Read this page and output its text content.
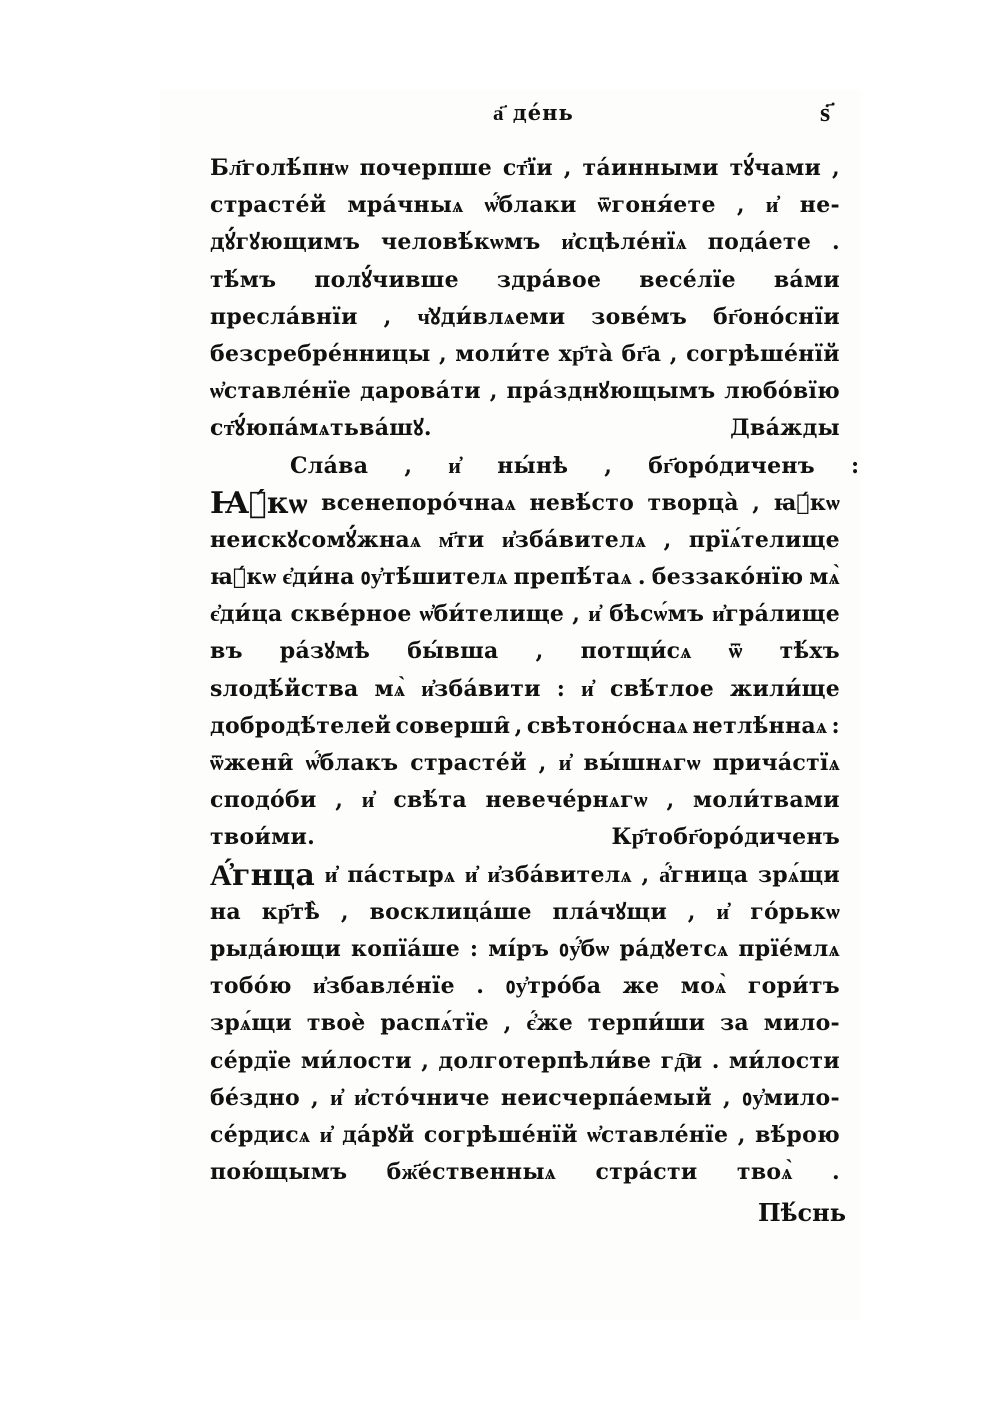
а҃ де́нь	ѕ҃
Бл҃голѣ́пнѡ почерпше ст҃їи , та́инными тꙋ́чами ,
страсте́й мра́чныѧ ѡ҆́блаки ѿгоня́ете , и҆ не-
дꙋ́гꙋющимъ человѣ́кѡмъ и҆сцѣле́нїѧ пода́ете .
тѣ́мъ полꙋ́чивше здра́вое весе́лїе ва́ми
пресла́внїи , ч҆ꙋди́влѧеми зове́мъ бг҃оно́снїи
безсребре́нницы , моли́те хр҃та̀ бг҃а , согрѣше́нїй
ѡ҆ставле́нїе дарова́ти , пра́зднꙋющымъ любо́вїю
ст҃ꙋ́ю па́мѧть ва́шꙋ .	Два́жды
Сла́ва , и҆ ны́нѣ , бг҃оро́диченъ :
Ꙗ҆́кѡ всенепоро́чнаѧ невѣ́сто творца̀ , ꙗ҆́кѡ
неискꙋсомꙋ́жнаѧ м҃ти и҆зба́вителѧ , прїѧ́телище
ꙗ҆́кѡ є҆ди́на ᲂу҆тѣ́шителѧ препѣ́таѧ . беззако́нїю мѧ̀
є҆ди́ца скве́рное ѡ҆би́телище , и҆ бѣсѡ́мъ и҆гра́лище
въ ра́зꙋмѣ бы́вша , потщи́сѧ ѿ тѣ́хъ
ѕлодѣ́йства мѧ̀ и҆зба́вити : и҆ свѣ́тлое жили́ще
добродѣ́телей соверши̑ , свѣтоно́снаѧ нетлѣ́ннаѧ :
ѿжени̑ ѡ҆́блакъ страсте́й , и҆ вы́шнѧгѡ прича́стїѧ
сподо́би , и҆ свѣ́та невече́рнѧгѡ , моли́твами
твои́ми .	Кр҃тобг҃оро́диченъ
А҆́гнца и҆ па́стырѧ и҆ и҆зба́вителѧ , а҆́гница зрѧ́щи
на кр҃тѣ̀ , восклица́ше пла́чꙋщи , и҆ го́рькѡ
рыда́ющи копїа́ше : мі́ръ ᲂу҆́бѡ ра́дꙋетсѧ прїе́млѧ
тобо́ю и҆збавле́нїе . ᲂу҆тро́ба же моѧ̀ гори́тъ
зрѧ́щи твоѐ распѧ́тїе , є҆́же терпи́ши за мило-
се́рдїе ми́лости , долготерпѣли́ве гд҇и . ми́лости
бе́здно , и҆ и҆сто́чниче неисчерпа́емый , ᲂу҆мило-
се́рдисѧ и҆ да́рꙋй согрѣше́нїй ѡ҆ставле́нїе , вѣ́рою
пою́щымъ бж҃е́ственныѧ стра́сти твоѧ̀ .
Пѣ́снь
